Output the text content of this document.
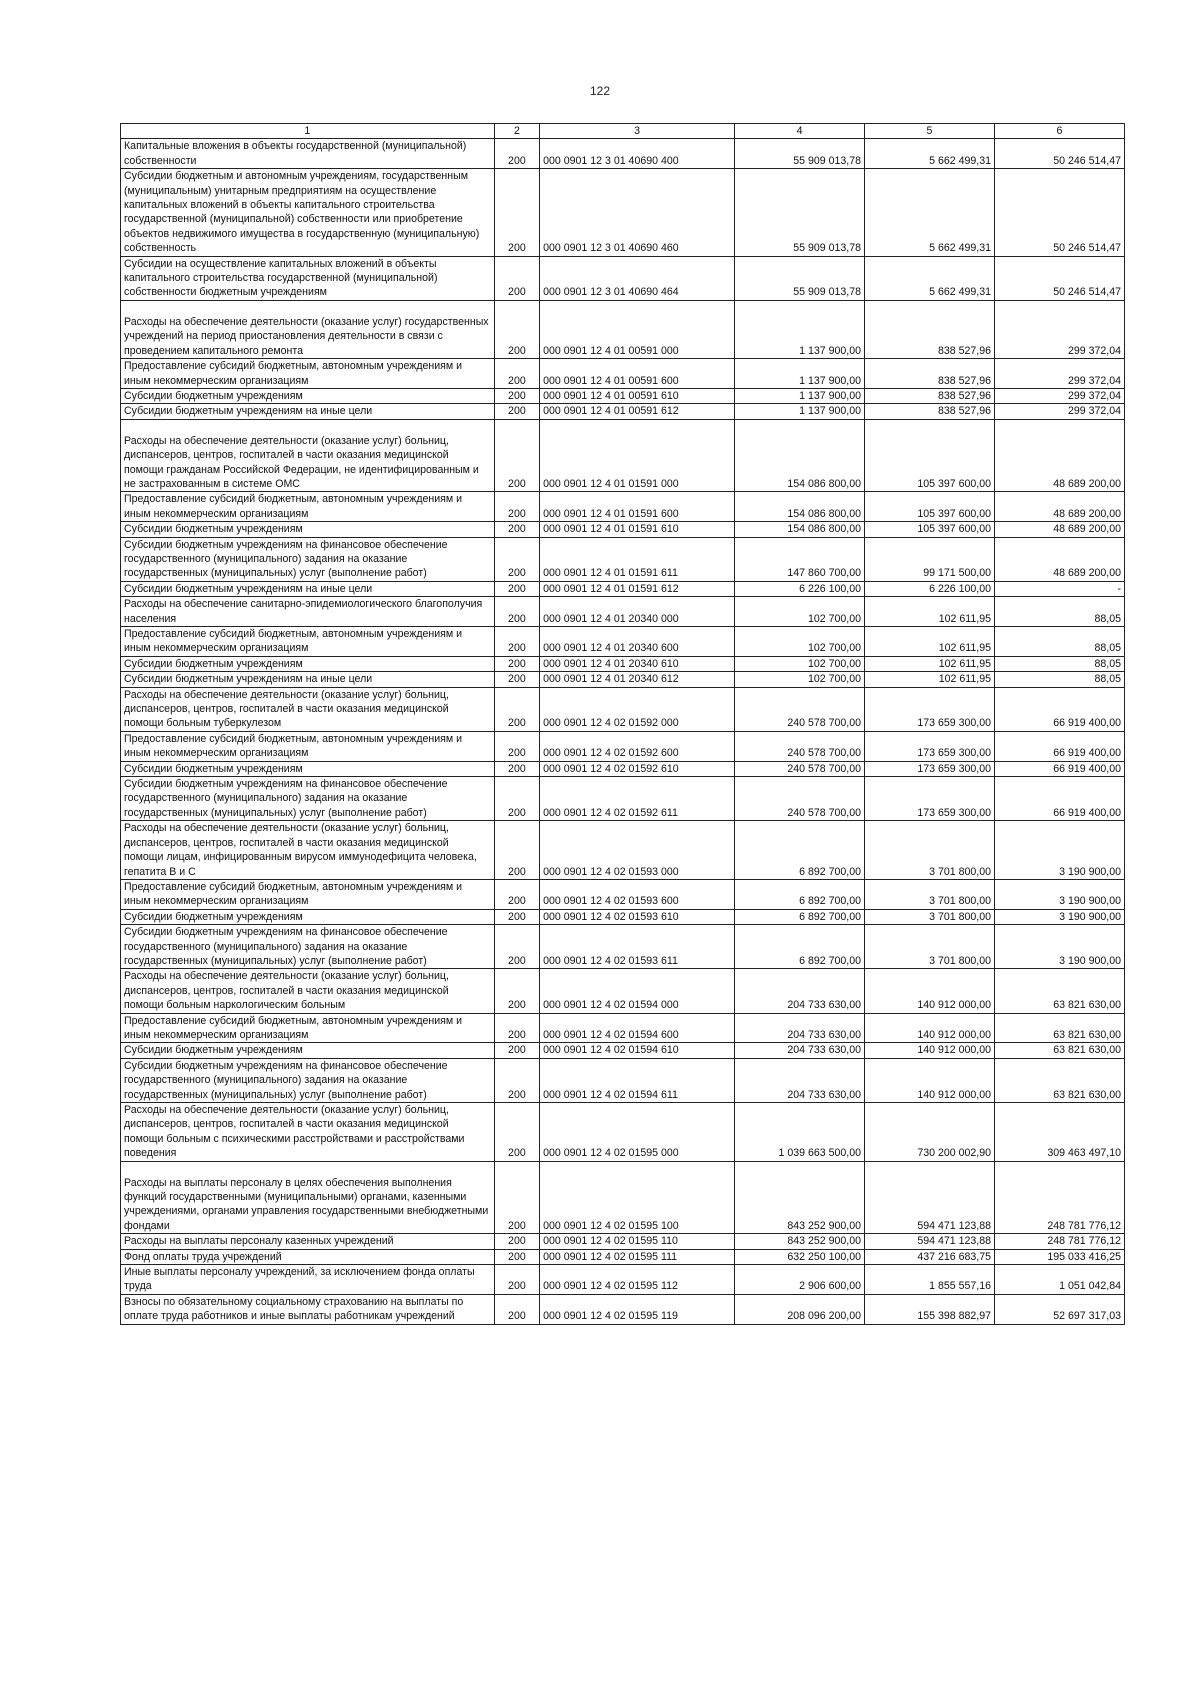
122
1	2	3	4	5	6
Капитальные вложения в объекты государственной (муниципальной) собственности	200	000 0901 12 3 01 40690 400	55 909 013,78	5 662 499,31	50 246 514,47
Субсидии бюджетным и автономным учреждениям, государственным (муниципальным) унитарным предприятиям на осуществление капитальных вложений в объекты капитального строительства государственной (муниципальной) собственности или приобретение объектов недвижимого имущества в государственную (муниципальную) собственность	200	000 0901 12 3 01 40690 460	55 909 013,78	5 662 499,31	50 246 514,47
Субсидии на осуществление капитальных вложений в объекты капитального строительства государственной (муниципальной) собственности бюджетным учреждениям	200	000 0901 12 3 01 40690 464	55 909 013,78	5 662 499,31	50 246 514,47
Расходы на обеспечение деятельности (оказание услуг) государственных учреждений на период приостановления деятельности в связи с проведением капитального ремонта	200	000 0901 12 4 01 00591 000	1 137 900,00	838 527,96	299 372,04
Предоставление субсидий бюджетным, автономным учреждениям и иным некоммерческим организациям	200	000 0901 12 4 01 00591 600	1 137 900,00	838 527,96	299 372,04
Субсидии бюджетным учреждениям	200	000 0901 12 4 01 00591 610	1 137 900,00	838 527,96	299 372,04
Субсидии бюджетным учреждениям на иные цели	200	000 0901 12 4 01 00591 612	1 137 900,00	838 527,96	299 372,04
Расходы на обеспечение деятельности (оказание услуг) больниц, диспансеров, центров, госпиталей в части оказания медицинской помощи гражданам Российской Федерации, не идентифицированным и не застрахованным в системе ОМС	200	000 0901 12 4 01 01591 000	154 086 800,00	105 397 600,00	48 689 200,00
Предоставление субсидий бюджетным, автономным учреждениям и иным некоммерческим организациям	200	000 0901 12 4 01 01591 600	154 086 800,00	105 397 600,00	48 689 200,00
Субсидии бюджетным учреждениям	200	000 0901 12 4 01 01591 610	154 086 800,00	105 397 600,00	48 689 200,00
Субсидии бюджетным учреждениям на финансовое обеспечение государственного (муниципального) задания на оказание государственных (муниципальных) услуг (выполнение работ)	200	000 0901 12 4 01 01591 611	147 860 700,00	99 171 500,00	48 689 200,00
Субсидии бюджетным учреждениям на иные цели	200	000 0901 12 4 01 01591 612	6 226 100,00	6 226 100,00	-
Расходы на обеспечение санитарно-эпидемиологического благополучия населения	200	000 0901 12 4 01 20340 000	102 700,00	102 611,95	88,05
Предоставление субсидий бюджетным, автономным учреждениям и иным некоммерческим организациям	200	000 0901 12 4 01 20340 600	102 700,00	102 611,95	88,05
Субсидии бюджетным учреждениям	200	000 0901 12 4 01 20340 610	102 700,00	102 611,95	88,05
Субсидии бюджетным учреждениям на иные цели	200	000 0901 12 4 01 20340 612	102 700,00	102 611,95	88,05
Расходы на обеспечение деятельности (оказание услуг) больниц, диспансеров, центров, госпиталей в части оказания медицинской помощи больным туберкулезом	200	000 0901 12 4 02 01592 000	240 578 700,00	173 659 300,00	66 919 400,00
Предоставление субсидий бюджетным, автономным учреждениям и иным некоммерческим организациям	200	000 0901 12 4 02 01592 600	240 578 700,00	173 659 300,00	66 919 400,00
Субсидии бюджетным учреждениям	200	000 0901 12 4 02 01592 610	240 578 700,00	173 659 300,00	66 919 400,00
Субсидии бюджетным учреждениям на финансовое обеспечение государственного (муниципального) задания на оказание государственных (муниципальных) услуг (выполнение работ)	200	000 0901 12 4 02 01592 611	240 578 700,00	173 659 300,00	66 919 400,00
Расходы на обеспечение деятельности (оказание услуг) больниц, диспансеров, центров, госпиталей в части оказания медицинской помощи лицам, инфицированным вирусом иммунодефицита человека, гепатита B и C	200	000 0901 12 4 02 01593 000	6 892 700,00	3 701 800,00	3 190 900,00
Предоставление субсидий бюджетным, автономным учреждениям и иным некоммерческим организациям	200	000 0901 12 4 02 01593 600	6 892 700,00	3 701 800,00	3 190 900,00
Субсидии бюджетным учреждениям	200	000 0901 12 4 02 01593 610	6 892 700,00	3 701 800,00	3 190 900,00
Субсидии бюджетным учреждениям на финансовое обеспечение государственного (муниципального) задания на оказание государственных (муниципальных) услуг (выполнение работ)	200	000 0901 12 4 02 01593 611	6 892 700,00	3 701 800,00	3 190 900,00
Расходы на обеспечение деятельности (оказание услуг) больниц, диспансеров, центров, госпиталей в части оказания медицинской помощи больным наркологическим больным	200	000 0901 12 4 02 01594 000	204 733 630,00	140 912 000,00	63 821 630,00
Предоставление субсидий бюджетным, автономным учреждениям и иным некоммерческим организациям	200	000 0901 12 4 02 01594 600	204 733 630,00	140 912 000,00	63 821 630,00
Субсидии бюджетным учреждениям	200	000 0901 12 4 02 01594 610	204 733 630,00	140 912 000,00	63 821 630,00
Субсидии бюджетным учреждениям на финансовое обеспечение государственного (муниципального) задания на оказание государственных (муниципальных) услуг (выполнение работ)	200	000 0901 12 4 02 01594 611	204 733 630,00	140 912 000,00	63 821 630,00
Расходы на обеспечение деятельности (оказание услуг) больниц, диспансеров, центров, госпиталей в части оказания медицинской помощи больным с психическими расстройствами и расстройствами поведения	200	000 0901 12 4 02 01595 000	1 039 663 500,00	730 200 002,90	309 463 497,10
Расходы на выплаты персоналу в целях обеспечения выполнения функций государственными (муниципальными) органами, казенными учреждениями, органами управления государственными внебюджетными фондами	200	000 0901 12 4 02 01595 100	843 252 900,00	594 471 123,88	248 781 776,12
Расходы на выплаты персоналу казенных учреждений	200	000 0901 12 4 02 01595 110	843 252 900,00	594 471 123,88	248 781 776,12
Фонд оплаты труда учреждений	200	000 0901 12 4 02 01595 111	632 250 100,00	437 216 683,75	195 033 416,25
Иные выплаты персоналу учреждений, за исключением фонда оплаты труда	200	000 0901 12 4 02 01595 112	2 906 600,00	1 855 557,16	1 051 042,84
Взносы по обязательному социальному страхованию на выплаты по оплате труда работников и иные выплаты работникам учреждений	200	000 0901 12 4 02 01595 119	208 096 200,00	155 398 882,97	52 697 317,03
